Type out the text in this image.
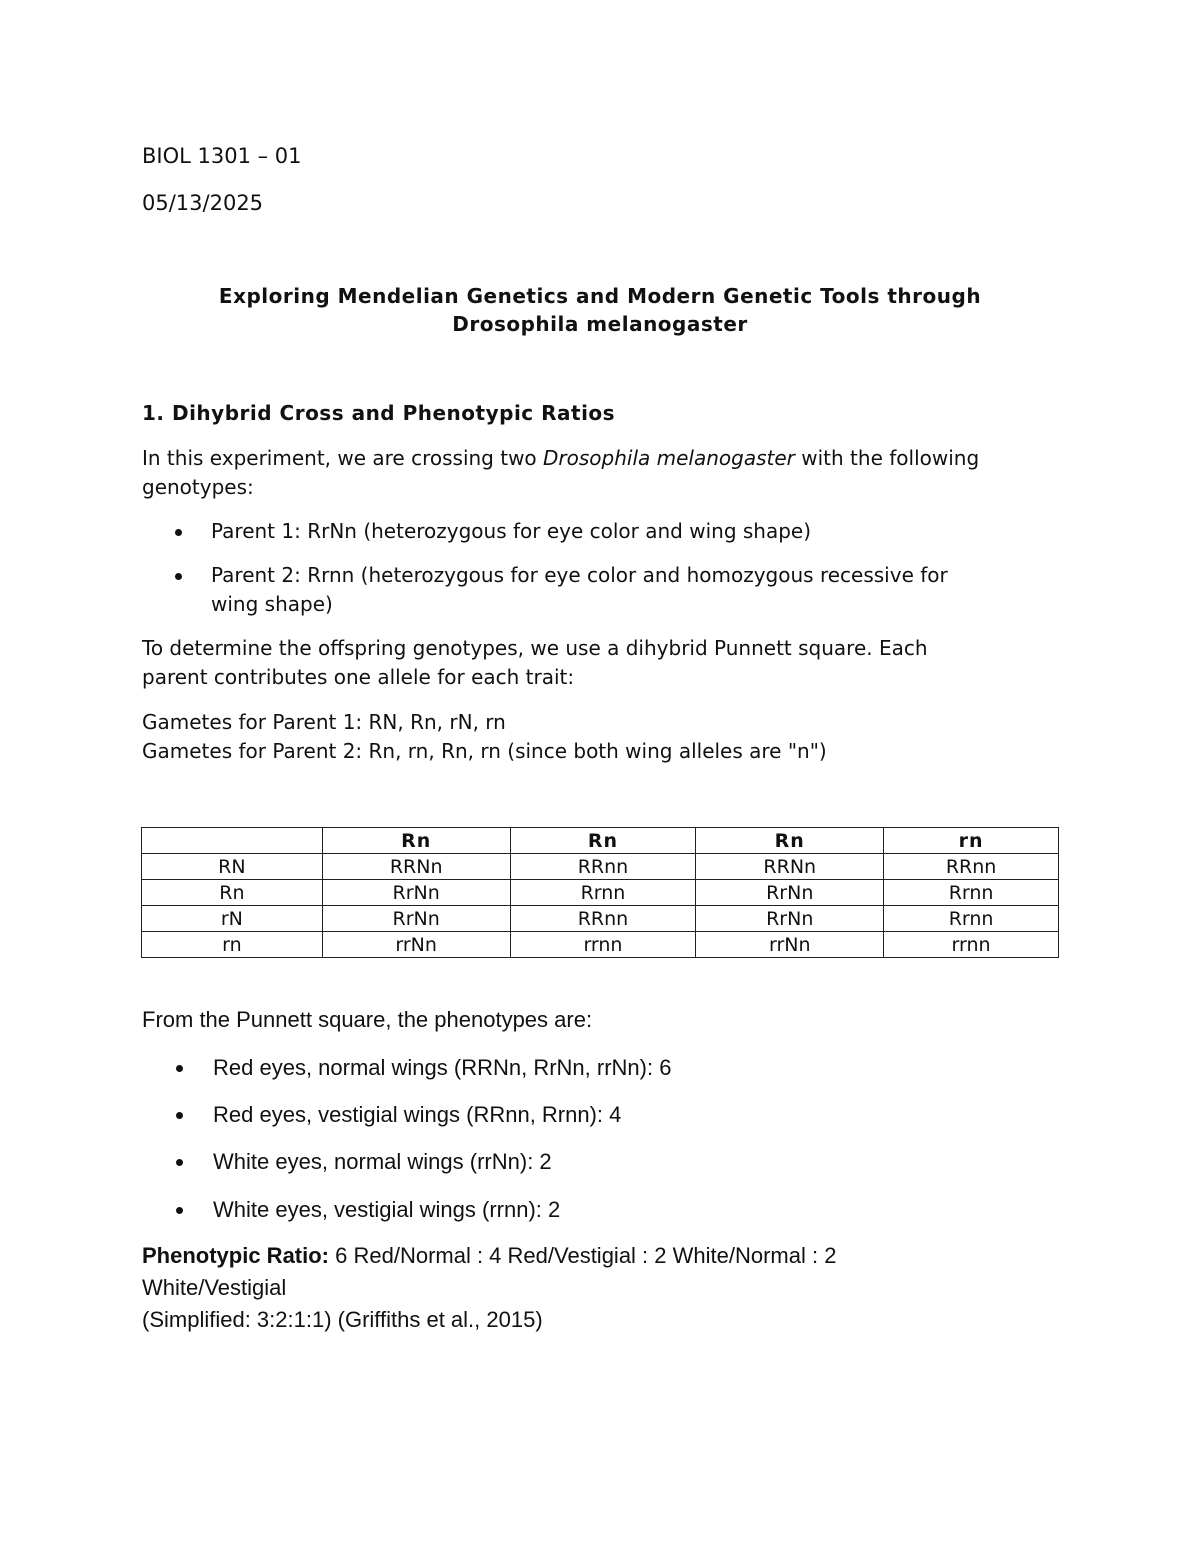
BIOL 1301 – 01

05/13/2025

Exploring Mendelian Genetics and Modern Genetic Tools through

Drosophila melanogaster

1. Dihybrid Cross and Phenotypic Ratios

In this experiment, we are crossing two Drosophila melanogaster with the following

genotypes:

Parent 1: RrNn (heterozygous for eye color and wing shape)

Parent 2: Rrnn (heterozygous for eye color and homozygous recessive for

wing shape)

To determine the offspring genotypes, we use a dihybrid Punnett square. Each

parent contributes one allele for each trait:

Gametes for Parent 1: RN, Rn, rN, rn

Gametes for Parent 2: Rn, rn, Rn, rn (since both wing alleles are "n")

	Rn	Rn	Rn	rn
RN	RRNn	RRnn	RRNn	RRnn
Rn	RrNn	Rrnn	RrNn	Rrnn
rN	RrNn	RRnn	RrNn	Rrnn
rn	rrNn	rrnn	rrNn	rrnn

From the Punnett square, the phenotypes are:

Red eyes, normal wings (RRNn, RrNn, rrNn): 6

Red eyes, vestigial wings (RRnn, Rrnn): 4

White eyes, normal wings (rrNn): 2

White eyes, vestigial wings (rrnn): 2

Phenotypic Ratio: 6 Red/Normal : 4 Red/Vestigial : 2 White/Normal : 2

White/Vestigial

(Simplified: 3:2:1:1) (Griffiths et al., 2015)
